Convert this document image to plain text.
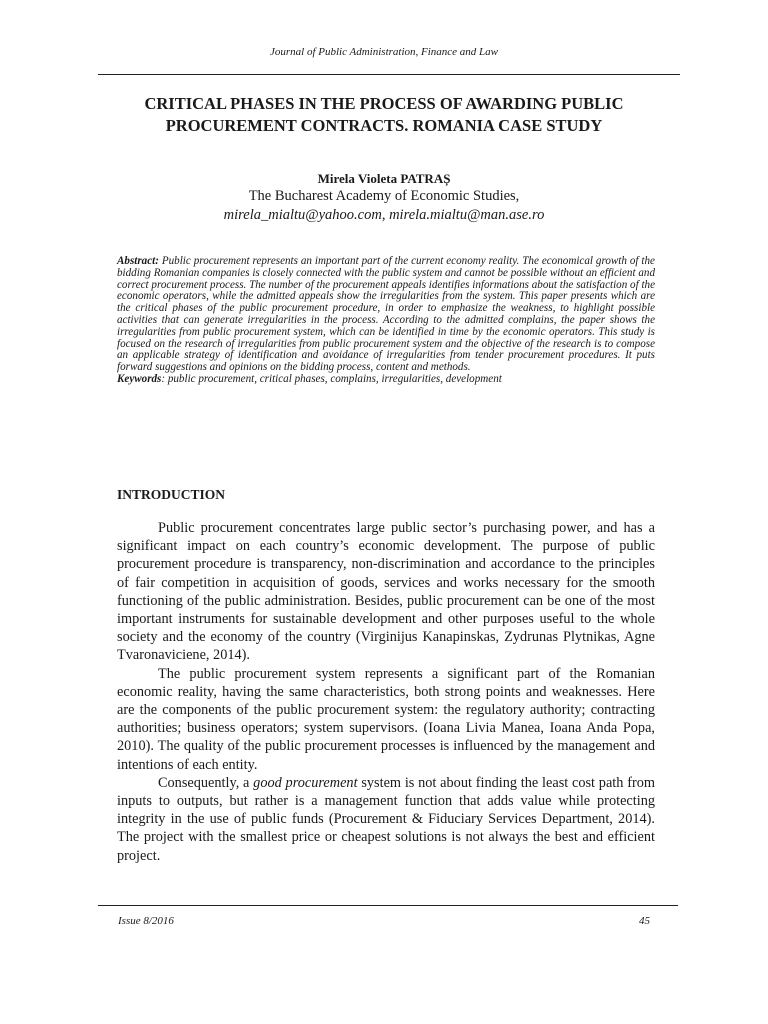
Journal of Public Administration, Finance and Law
CRITICAL PHASES IN THE PROCESS OF AWARDING PUBLIC
PROCUREMENT CONTRACTS. ROMANIA CASE STUDY
Mirela Violeta PATRAȘ
The Bucharest Academy of Economic Studies,
mirela_mialtu@yahoo.com, mirela.mialtu@man.ase.ro

Abstract: Public procurement represents an important part of the current economy reality. The economical growth of the bidding Romanian companies is closely connected with the public system and cannot be possible without an efficient and correct procurement process. The number of the procurement appeals identifies informations about the satisfaction of the economic operators, while the admitted appeals show the irregularities from the system. This paper presents which are the critical phases of the public procurement procedure, in order to emphasize the weakness, to highlight possible activities that can generate irregularities in the process. According to the admitted complains, the paper shows the irregularities from public procurement system, which can be identified in time by the economic operators. This study is focused on the research of irregularities from public procurement system and the objective of the research is to compose an applicable strategy of identification and avoidance of irregularities from tender procurement procedures. It puts forward suggestions and opinions on the bidding process, content and methods.

Keywords: public procurement, critical phases, complains, irregularities, development

INTRODUCTION

Public procurement concentrates large public sector’s purchasing power, and has a significant impact on each country’s economic development. The purpose of public procurement procedure is transparency, non-discrimination and accordance to the principles of fair competition in acquisition of goods, services and works necessary for the smooth functioning of the public administration. Besides, public procurement can be one of the most important instruments for sustainable development and other purposes useful to the whole society and the economy of the country (Virginijus Kanapinskas, Zydrunas Plytnikas, Agne Tvaronaviciene, 2014).

The public procurement system represents a significant part of the Romanian economic reality, having the same characteristics, both strong points and weaknesses. Here are the components of the public procurement system: the regulatory authority; contracting authorities; business operators; system supervisors. (Ioana Livia Manea, Ioana Anda Popa, 2010). The quality of the public procurement processes is influenced by the management and intentions of each entity.

Consequently, a good procurement system is not about finding the least cost path from inputs to outputs, but rather is a management function that adds value while protecting integrity in the use of public funds (Procurement & Fiduciary Services Department, 2014). The project with the smallest price or cheapest solutions is not always the best and efficient project.

Issue 8/2016	45
